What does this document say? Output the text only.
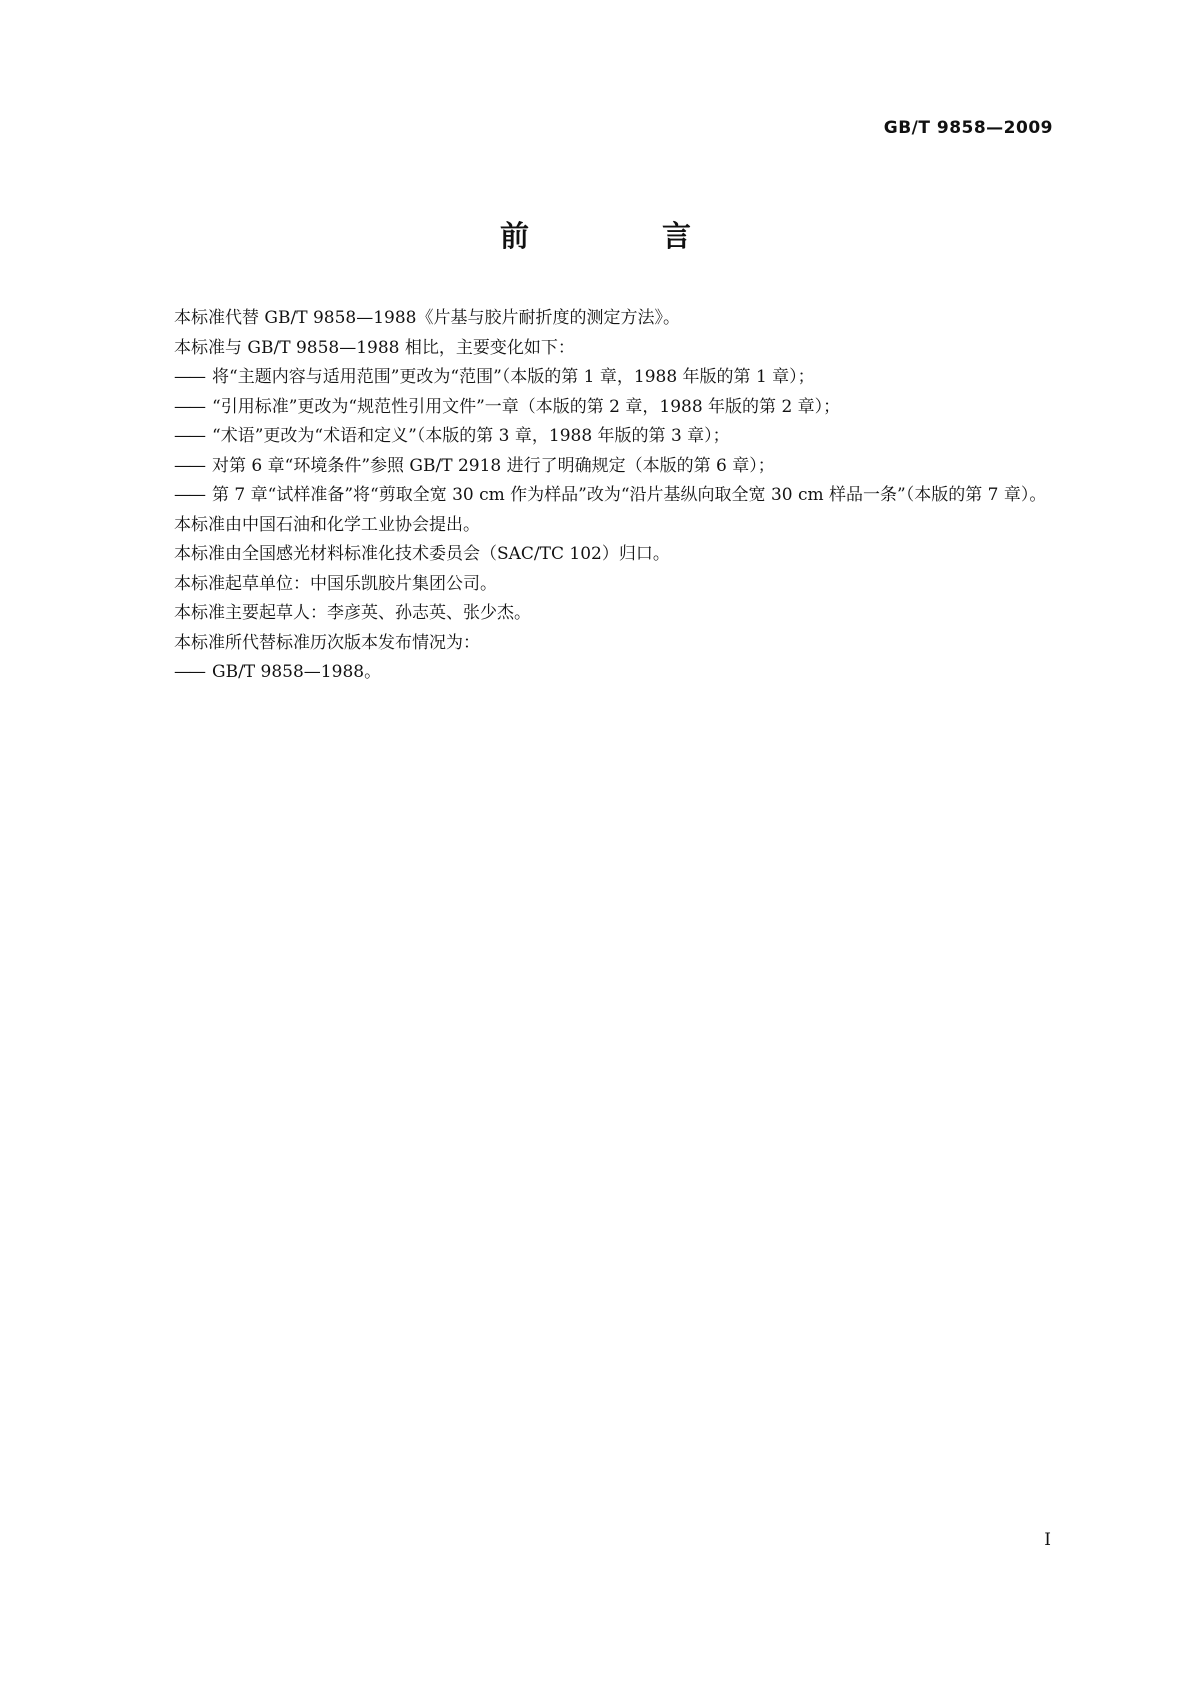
GB/T 9858—2009
前　言
本标准代替 GB/T 9858—1988《片基与胶片耐折度的测定方法》。
本标准与 GB/T 9858—1988 相比，主要变化如下：
—— 将“主题内容与适用范围”更改为“范围”（本版的第 1 章，1988 年版的第 1 章）；
—— “引用标准”更改为“规范性引用文件”一章（本版的第 2 章，1988 年版的第 2 章）；
—— “术语”更改为“术语和定义”（本版的第 3 章，1988 年版的第 3 章）；
—— 对第 6 章“环境条件”参照 GB/T 2918 进行了明确规定（本版的第 6 章）；
—— 第 7 章“试样准备”将“剪取全宽 30 cm 作为样品”改为“沿片基纵向取全宽 30 cm 样品一条”（本版的第 7 章）。
本标准由中国石油和化学工业协会提出。
本标准由全国感光材料标准化技术委员会（SAC/TC 102）归口。
本标准起草单位：中国乐凯胶片集团公司。
本标准主要起草人：李彦英、孙志英、张少杰。
本标准所代替标准历次版本发布情况为：
—— GB/T 9858—1988。
I
